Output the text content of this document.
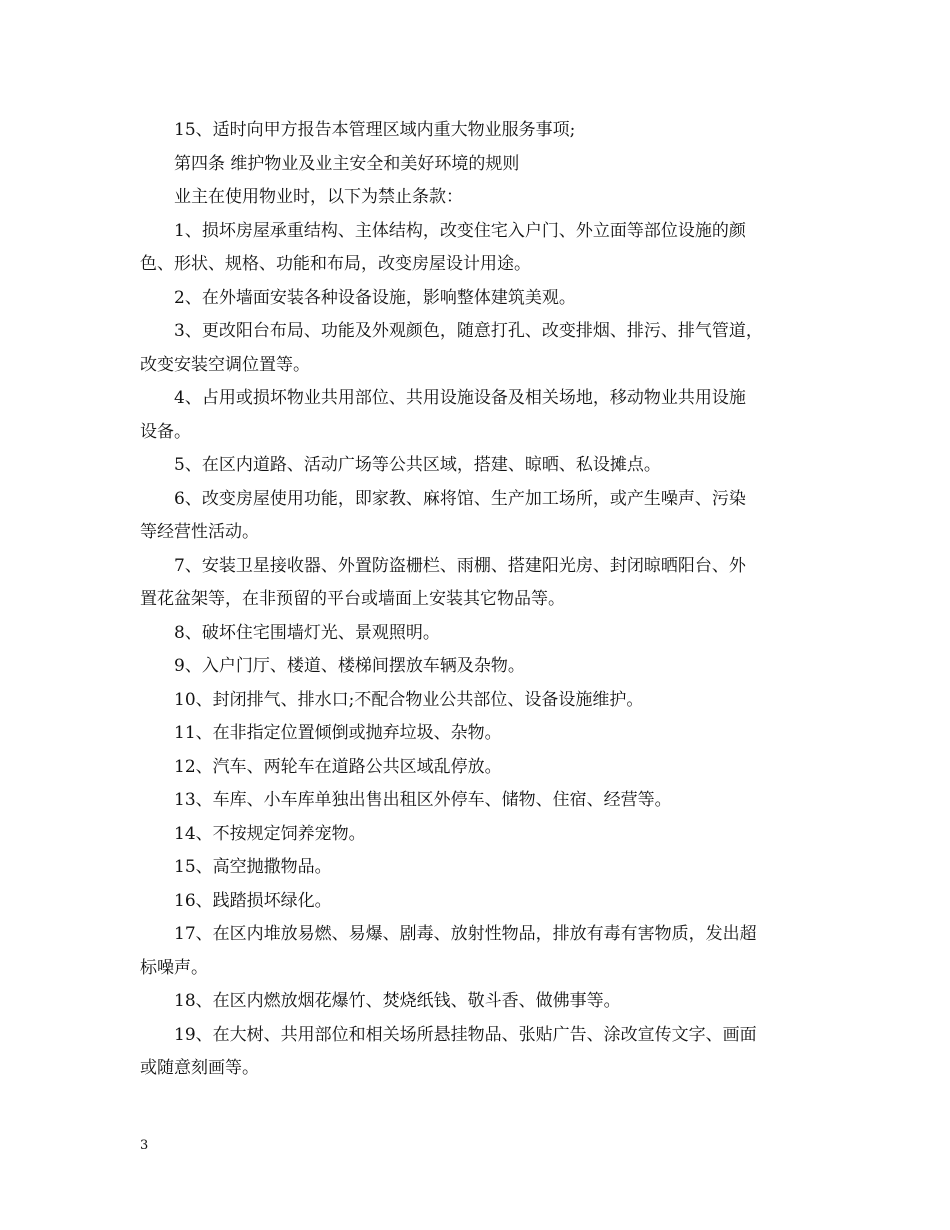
15、适时向甲方报告本管理区域内重大物业服务事项;
第四条 维护物业及业主安全和美好环境的规则
业主在使用物业时，以下为禁止条款：
1、损坏房屋承重结构、主体结构，改变住宅入户门、外立面等部位设施的颜
色、形状、规格、功能和布局，改变房屋设计用途。
2、在外墙面安装各种设备设施，影响整体建筑美观。
3、更改阳台布局、功能及外观颜色，随意打孔、改变排烟、排污、排气管道，
改变安装空调位置等。
4、占用或损坏物业共用部位、共用设施设备及相关场地，移动物业共用设施
设备。
5、在区内道路、活动广场等公共区域，搭建、晾晒、私设摊点。
6、改变房屋使用功能，即家教、麻将馆、生产加工场所，或产生噪声、污染
等经营性活动。
7、安装卫星接收器、外置防盗栅栏、雨棚、搭建阳光房、封闭晾晒阳台、外
置花盆架等，在非预留的平台或墙面上安装其它物品等。
8、破坏住宅围墙灯光、景观照明。
9、入户门厅、楼道、楼梯间摆放车辆及杂物。
10、封闭排气、排水口;不配合物业公共部位、设备设施维护。
11、在非指定位置倾倒或抛弃垃圾、杂物。
12、汽车、两轮车在道路公共区域乱停放。
13、车库、小车库单独出售出租区外停车、储物、住宿、经营等。
14、不按规定饲养宠物。
15、高空抛撒物品。
16、践踏损坏绿化。
17、在区内堆放易燃、易爆、剧毒、放射性物品，排放有毒有害物质，发出超
标噪声。
18、在区内燃放烟花爆竹、焚烧纸钱、敬斗香、做佛事等。
19、在大树、共用部位和相关场所悬挂物品、张贴广告、涂改宣传文字、画面
或随意刻画等。
3
